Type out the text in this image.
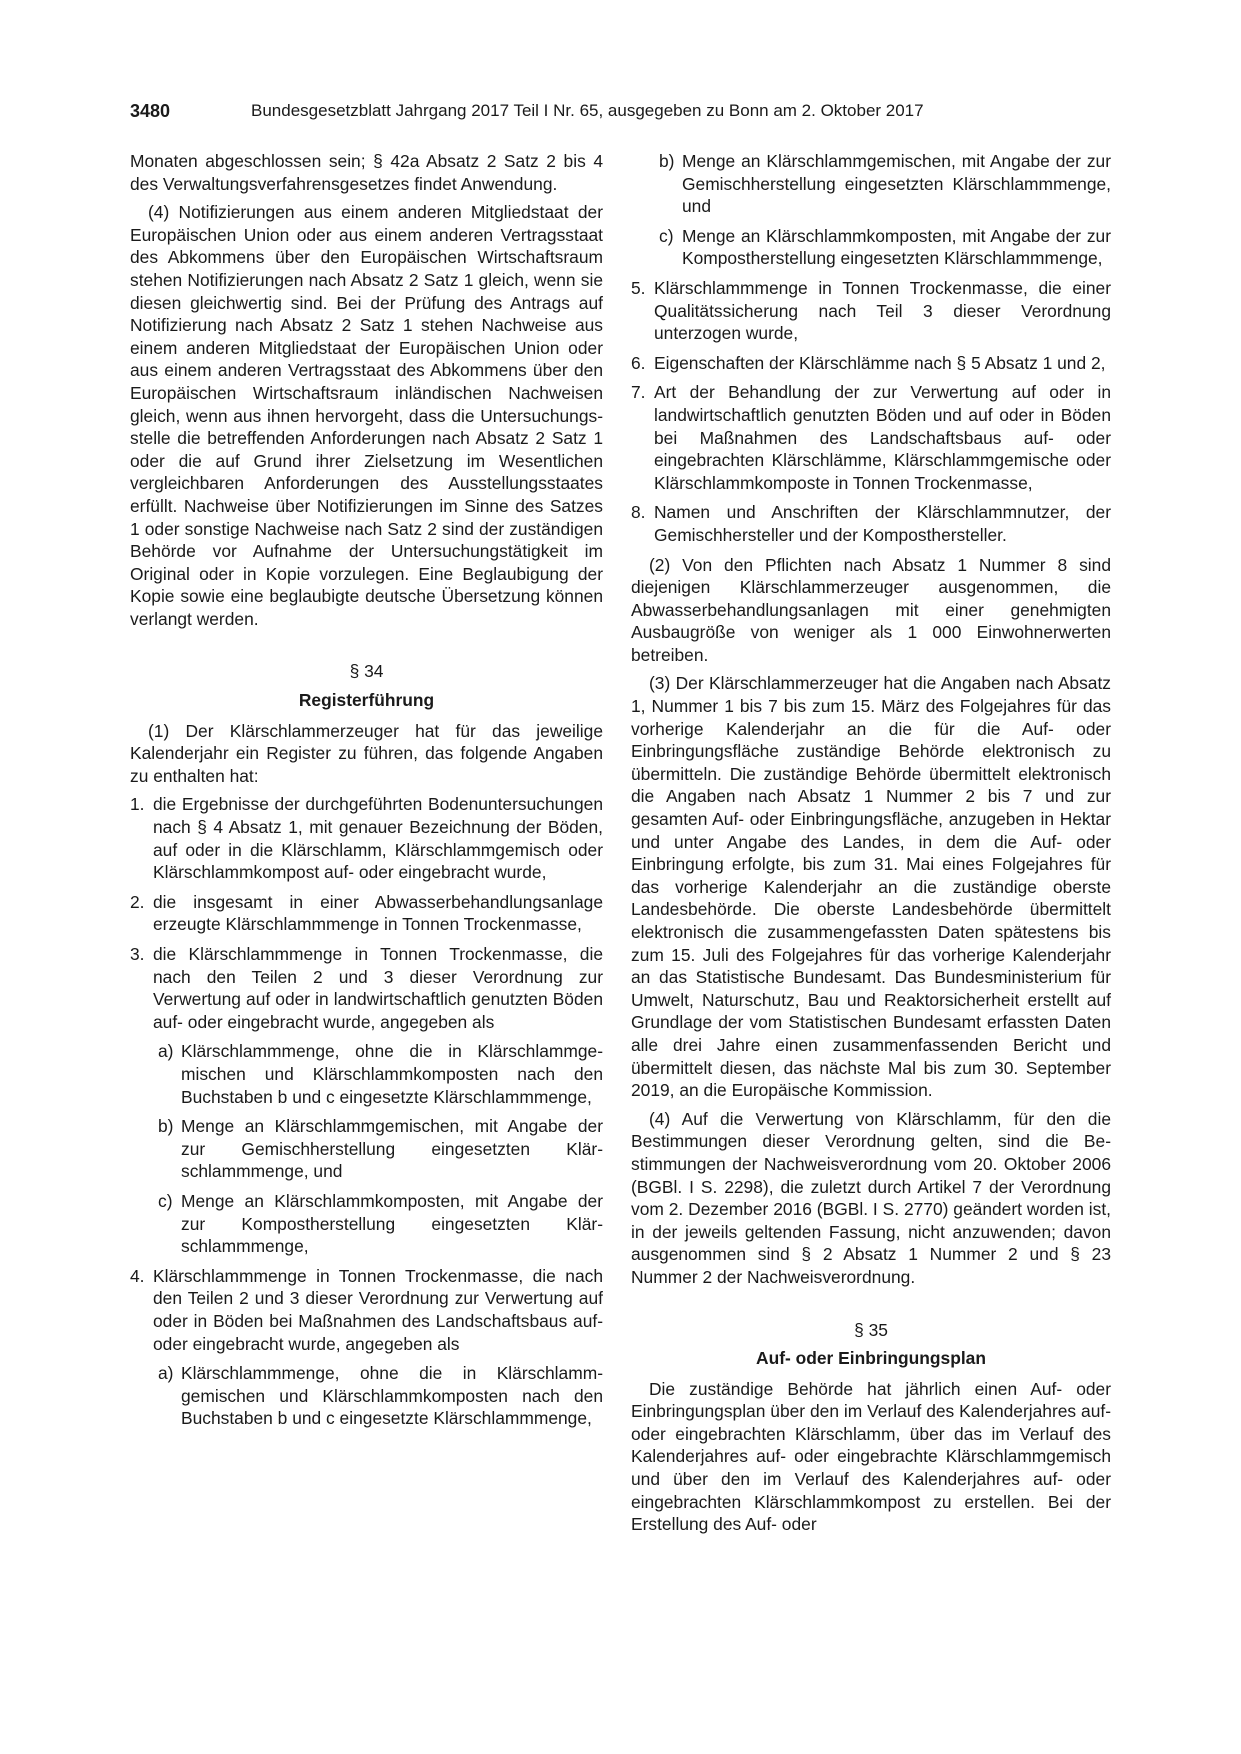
3480	Bundesgesetzblatt Jahrgang 2017 Teil I Nr. 65, ausgegeben zu Bonn am 2. Oktober 2017

Monaten abgeschlossen sein; § 42a Absatz 2 Satz 2 bis 4 des Verwaltungsverfahrensgesetzes findet Anwendung.

(4) Notifizierungen aus einem anderen Mitgliedstaat der Europäischen Union oder aus einem anderen Vertragsstaat des Abkommens über den Europäischen Wirtschaftsraum stehen Notifizierungen nach Absatz 2 Satz 1 gleich, wenn sie diesen gleichwertig sind. Bei der Prüfung des Antrags auf Notifizierung nach Absatz 2 Satz 1 stehen Nachweise aus einem anderen Mitgliedstaat der Europäischen Union oder aus einem anderen Vertragsstaat des Abkommens über den Europäischen Wirtschaftsraum inländischen Nachweisen gleich, wenn aus ihnen hervorgeht, dass die Untersuchungsstelle die betreffenden Anforderungen nach Absatz 2 Satz 1 oder die auf Grund ihrer Zielsetzung im Wesentlichen vergleichbaren Anforderungen des Ausstellungsstaates erfüllt. Nachweise über Notifizierungen im Sinne des Satzes 1 oder sonstige Nachweise nach Satz 2 sind der zuständigen Behörde vor Aufnahme der Untersuchungstätigkeit im Original oder in Kopie vorzulegen. Eine Beglaubigung der Kopie sowie eine beglaubigte deutsche Übersetzung können verlangt werden.

§ 34
Registerführung

(1) Der Klärschlammerzeuger hat für das jeweilige Kalenderjahr ein Register zu führen, das folgende Angaben zu enthalten hat:

1. die Ergebnisse der durchgeführten Bodenuntersuchungen nach § 4 Absatz 1, mit genauer Bezeichnung der Böden, auf oder in die Klärschlamm, Klärschlammgemisch oder Klärschlammkompost auf- oder eingebracht wurde,
2. die insgesamt in einer Abwasserbehandlungsanlage erzeugte Klärschlammmenge in Tonnen Trockenmasse,
3. die Klärschlammmenge in Tonnen Trockenmasse, die nach den Teilen 2 und 3 dieser Verordnung zur Verwertung auf oder in landwirtschaftlich genutzten Böden auf- oder eingebracht wurde, angegeben als
a) Klärschlammmenge, ohne die in Klärschlammgemischen und Klärschlammkomposten nach den Buchstaben b und c eingesetzte Klärschlammmenge,
b) Menge an Klärschlammgemischen, mit Angabe der zur Gemischherstellung eingesetzten Klärschlammmenge, und
c) Menge an Klärschlammkomposten, mit Angabe der zur Kompostherstellung eingesetzten Klärschlammmenge,
4. Klärschlammmenge in Tonnen Trockenmasse, die nach den Teilen 2 und 3 dieser Verordnung zur Verwertung auf oder in Böden bei Maßnahmen des Landschaftsbaus auf- oder eingebracht wurde, angegeben als
a) Klärschlammmenge, ohne die in Klärschlammgemischen und Klärschlammkomposten nach den Buchstaben b und c eingesetzte Klärschlammmenge,
b) Menge an Klärschlammgemischen, mit Angabe der zur Gemischherstellung eingesetzten Klärschlammmenge, und
c) Menge an Klärschlammkomposten, mit Angabe der zur Kompostherstellung eingesetzten Klärschlammmenge,
5. Klärschlammmenge in Tonnen Trockenmasse, die einer Qualitätssicherung nach Teil 3 dieser Verordnung unterzogen wurde,
6. Eigenschaften der Klärschlämme nach § 5 Absatz 1 und 2,
7. Art der Behandlung der zur Verwertung auf oder in landwirtschaftlich genutzten Böden und auf oder in Böden bei Maßnahmen des Landschaftsbaus auf- oder eingebrachten Klärschlämme, Klärschlammgemische oder Klärschlammkomposte in Tonnen Trockenmasse,
8. Namen und Anschriften der Klärschlammnutzer, der Gemischhersteller und der Komposthersteller.

(2) Von den Pflichten nach Absatz 1 Nummer 8 sind diejenigen Klärschlammerzeuger ausgenommen, die Abwasserbehandlungsanlagen mit einer genehmigten Ausbaugröße von weniger als 1 000 Einwohnerwerten betreiben.

(3) Der Klärschlammerzeuger hat die Angaben nach Absatz 1, Nummer 1 bis 7 bis zum 15. März des Folgejahres für das vorherige Kalenderjahr an die für die Auf- oder Einbringungsfläche zuständige Behörde elektronisch zu übermitteln. Die zuständige Behörde übermittelt elektronisch die Angaben nach Absatz 1 Nummer 2 bis 7 und zur gesamten Auf- oder Einbringungsfläche, anzugeben in Hektar und unter Angabe des Landes, in dem die Auf- oder Einbringung erfolgte, bis zum 31. Mai eines Folgejahres für das vorherige Kalenderjahr an die zuständige oberste Landesbehörde. Die oberste Landesbehörde übermittelt elektronisch die zusammengefassten Daten spätestens bis zum 15. Juli des Folgejahres für das vorherige Kalenderjahr an das Statistische Bundesamt. Das Bundesministerium für Umwelt, Naturschutz, Bau und Reaktorsicherheit erstellt auf Grundlage der vom Statistischen Bundesamt erfassten Daten alle drei Jahre einen zusammenfassenden Bericht und übermittelt diesen, das nächste Mal bis zum 30. September 2019, an die Europäische Kommission.

(4) Auf die Verwertung von Klärschlamm, für den die Bestimmungen dieser Verordnung gelten, sind die Bestimmungen der Nachweisverordnung vom 20. Oktober 2006 (BGBl. I S. 2298), die zuletzt durch Artikel 7 der Verordnung vom 2. Dezember 2016 (BGBl. I S. 2770) geändert worden ist, in der jeweils geltenden Fassung, nicht anzuwenden; davon ausgenommen sind § 2 Absatz 1 Nummer 2 und § 23 Nummer 2 der Nachweisverordnung.

§ 35
Auf- oder Einbringungsplan

Die zuständige Behörde hat jährlich einen Auf- oder Einbringungsplan über den im Verlauf des Kalenderjahres auf- oder eingebrachten Klärschlamm, über das im Verlauf des Kalenderjahres auf- oder eingebrachte Klärschlammgemisch und über den im Verlauf des Kalenderjahres auf- oder eingebrachten Klärschlammkompost zu erstellen. Bei der Erstellung des Auf- oder
